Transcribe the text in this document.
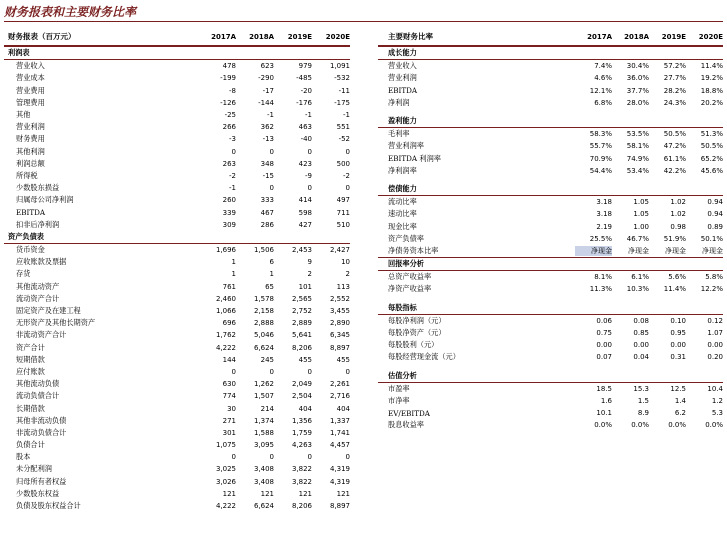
财务报表和主要财务比率
财务报表（百万元）	2017A	2018A	2019E	2020E
利润表
营业收入	478	623	979	1,091
营业成本	-199	-290	-485	-532
营业费用	-8	-17	-20	-11
管理费用	-126	-144	-176	-175
其他	-25	-1	-1	-1
营业利润	266	362	463	551
财务费用	-3	-13	-40	-52
其他利润	0	0	0	0
利润总额	263	348	423	500
所得税	-2	-15	-9	-2
少数股东损益	-1	0	0	0
归属母公司净利润	260	333	414	497
EBITDA	339	467	598	711
扣非后净利润	309	286	427	510
资产负债表
货币资金	1,696	1,506	2,453	2,427
应收账款及票据	1	6	9	10
存货	1	1	2	2
其他流动资产	761	65	101	113
流动资产合计	2,460	1,578	2,565	2,552
固定资产及在建工程	1,066	2,158	2,752	3,455
无形资产及其他长期资产	696	2,888	2,889	2,890
非流动资产合计	1,762	5,046	5,641	6,345
资产合计	4,222	6,624	8,206	8,897
短期借款	144	245	455	455
应付账款	0	0	0	0
其他流动负债	630	1,262	2,049	2,261
流动负债合计	774	1,507	2,504	2,716
长期借款	30	214	404	404
其他非流动负债	271	1,374	1,356	1,337
非流动负债合计	301	1,588	1,759	1,741
负债合计	1,075	3,095	4,263	4,457
股本	0	0	0	0
未分配利润	3,025	3,408	3,822	4,319
归母所有者权益	3,026	3,408	3,822	4,319
少数股东权益	121	121	121	121
负债及股东权益合计	4,222	6,624	8,206	8,897
主要财务比率	2017A	2018A	2019E	2020E
成长能力
营业收入	7.4%	30.4%	57.2%	11.4%
营业利润	4.6%	36.0%	27.7%	19.2%
EBITDA	12.1%	37.7%	28.2%	18.8%
净利润	6.8%	28.0%	24.3%	20.2%
盈利能力
毛利率	58.3%	53.5%	50.5%	51.3%
营业利润率	55.7%	58.1%	47.2%	50.5%
EBITDA 利润率	70.9%	74.9%	61.1%	65.2%
净利润率	54.4%	53.4%	42.2%	45.6%
偿债能力
流动比率	3.18	1.05	1.02	0.94
速动比率	3.18	1.05	1.02	0.94
现金比率	2.19	1.00	0.98	0.89
资产负债率	25.5%	46.7%	51.9%	50.1%
净债务资本比率	净现金	净现金	净现金	净现金
回报率分析
总资产收益率	8.1%	6.1%	5.6%	5.8%
净资产收益率	11.3%	10.3%	11.4%	12.2%
每股指标
每股净利润（元）	0.06	0.08	0.10	0.12
每股净资产（元）	0.75	0.85	0.95	1.07
每股股利（元）	0.00	0.00	0.00	0.00
每股经营现金流（元）	0.07	0.04	0.31	0.20
估值分析
市盈率	18.5	15.3	12.5	10.4
市净率	1.6	1.5	1.4	1.2
EV/EBITDA	10.1	8.9	6.2	5.3
股息收益率	0.0%	0.0%	0.0%	0.0%
